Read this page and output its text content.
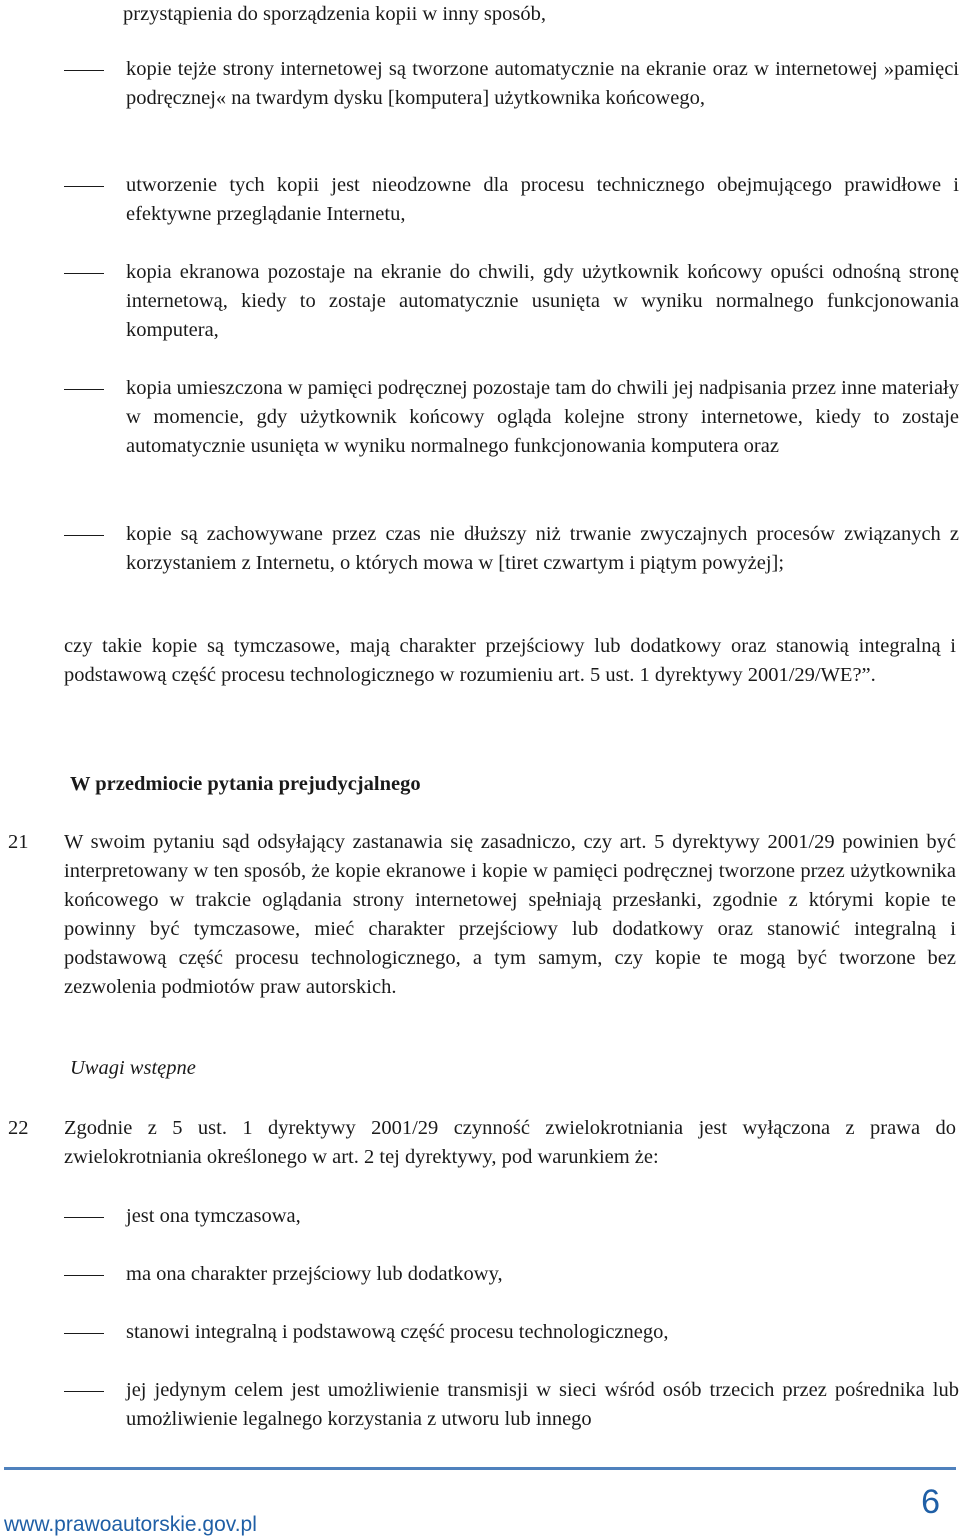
przystąpienia do sporządzenia kopii w inny sposób,
kopie tejże strony internetowej są tworzone automatycznie na ekranie oraz w internetowej »pamięci podręcznej« na twardym dysku [komputera] użytkownika końcowego,
utworzenie tych kopii jest nieodzowne dla procesu technicznego obejmującego prawidłowe i efektywne przeglądanie Internetu,
kopia ekranowa pozostaje na ekranie do chwili, gdy użytkownik końcowy opuści odnośną stronę internetową, kiedy to zostaje automatycznie usunięta w wyniku normalnego funkcjonowania komputera,
kopia umieszczona w pamięci podręcznej pozostaje tam do chwili jej nadpisania przez inne materiały w momencie, gdy użytkownik końcowy ogląda kolejne strony internetowe, kiedy to zostaje automatycznie usunięta w wyniku normalnego funkcjonowania komputera oraz
kopie są zachowywane przez czas nie dłuższy niż trwanie zwyczajnych procesów związanych z korzystaniem z Internetu, o których mowa w [tiret czwartym i piątym powyżej];
czy takie kopie są tymczasowe, mają charakter przejściowy lub dodatkowy oraz stanowią integralną i podstawową część procesu technologicznego w rozumieniu art. 5 ust. 1 dyrektywy 2001/29/WE?”.
W przedmiocie pytania prejudycjalnego
21 W swoim pytaniu sąd odsyłający zastanawia się zasadniczo, czy art. 5 dyrektywy 2001/29 powinien być interpretowany w ten sposób, że kopie ekranowe i kopie w pamięci podręcznej tworzone przez użytkownika końcowego w trakcie oglądania strony internetowej spełniają przesłanki, zgodnie z którymi kopie te powinny być tymczasowe, mieć charakter przejściowy lub dodatkowy oraz stanowić integralną i podstawową część procesu technologicznego, a tym samym, czy kopie te mogą być tworzone bez zezwolenia podmiotów praw autorskich.
Uwagi wstępne
22 Zgodnie z 5 ust. 1 dyrektywy 2001/29 czynność zwielokrotniania jest wyłączona z prawa do zwielokrotniania określonego w art. 2 tej dyrektywy, pod warunkiem że:
jest ona tymczasowa,
ma ona charakter przejściowy lub dodatkowy,
stanowi integralną i podstawową część procesu technologicznego,
jej jedynym celem jest umożliwienie transmisji w sieci wśród osób trzecich przez pośrednika lub umożliwienie legalnego korzystania z utworu lub innego
www.prawoautorskie.gov.pl
6
